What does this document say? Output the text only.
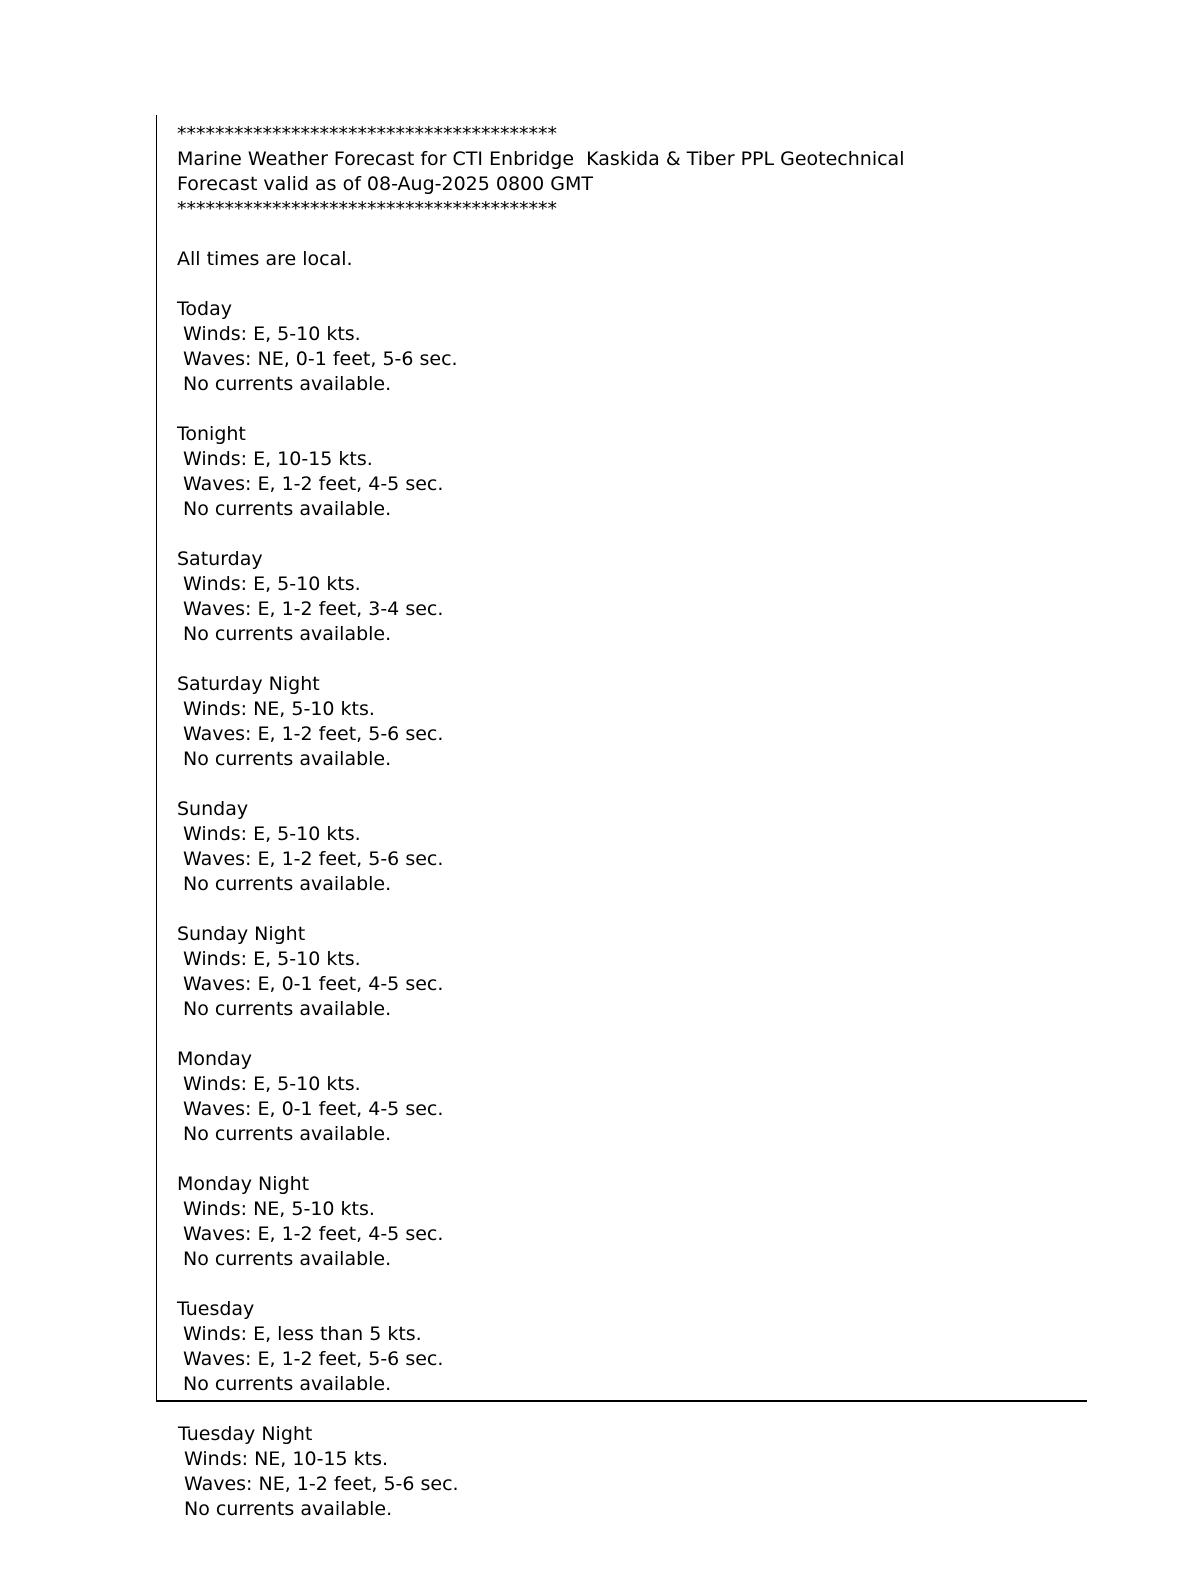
****************************************
Marine Weather Forecast for CTI Enbridge  Kaskida & Tiber PPL Geotechnical
Forecast valid as of 08-Aug-2025 0800 GMT
****************************************
All times are local.
Today
Winds: E, 5-10 kts.
Waves: NE, 0-1 feet, 5-6 sec.
No currents available.
Tonight
Winds: E, 10-15 kts.
Waves: E, 1-2 feet, 4-5 sec.
No currents available.
Saturday
Winds: E, 5-10 kts.
Waves: E, 1-2 feet, 3-4 sec.
No currents available.
Saturday Night
Winds: NE, 5-10 kts.
Waves: E, 1-2 feet, 5-6 sec.
No currents available.
Sunday
Winds: E, 5-10 kts.
Waves: E, 1-2 feet, 5-6 sec.
No currents available.
Sunday Night
Winds: E, 5-10 kts.
Waves: E, 0-1 feet, 4-5 sec.
No currents available.
Monday
Winds: E, 5-10 kts.
Waves: E, 0-1 feet, 4-5 sec.
No currents available.
Monday Night
Winds: NE, 5-10 kts.
Waves: E, 1-2 feet, 4-5 sec.
No currents available.
Tuesday
Winds: E, less than 5 kts.
Waves: E, 1-2 feet, 5-6 sec.
No currents available.
Tuesday Night
Winds: NE, 10-15 kts.
Waves: NE, 1-2 feet, 5-6 sec.
No currents available.
